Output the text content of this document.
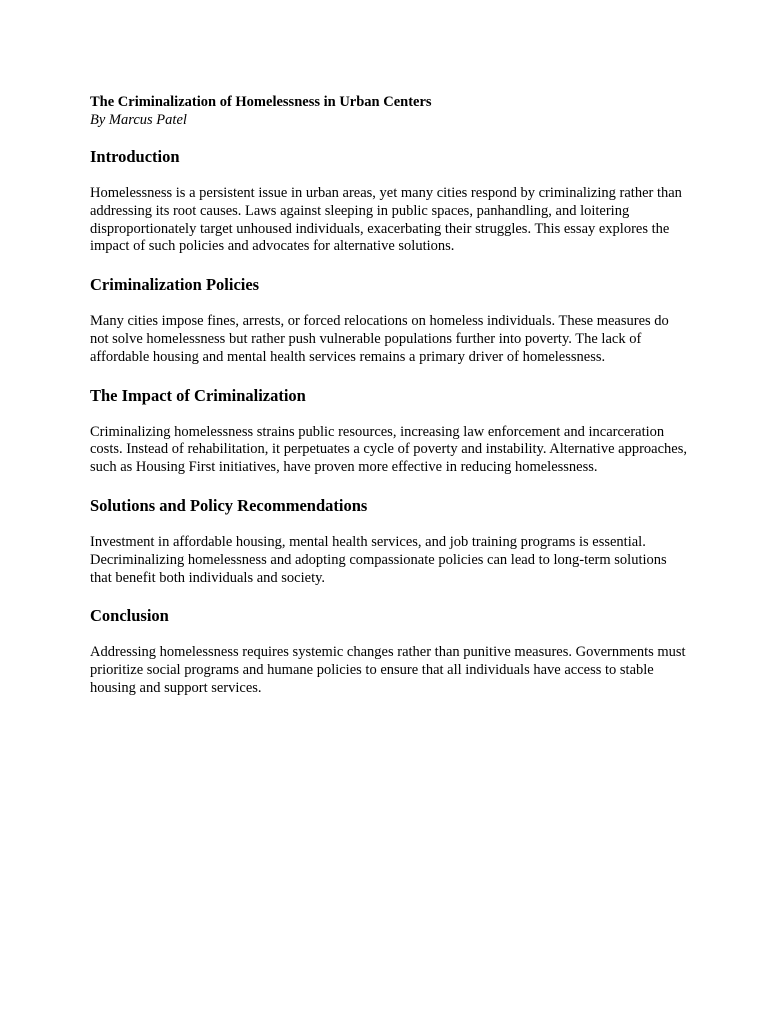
The Criminalization of Homelessness in Urban Centers

By Marcus Patel

Introduction

Homelessness is a persistent issue in urban areas, yet many cities respond by criminalizing rather than addressing its root causes. Laws against sleeping in public spaces, panhandling, and loitering disproportionately target unhoused individuals, exacerbating their struggles. This essay explores the impact of such policies and advocates for alternative solutions.

Criminalization Policies

Many cities impose fines, arrests, or forced relocations on homeless individuals. These measures do not solve homelessness but rather push vulnerable populations further into poverty. The lack of affordable housing and mental health services remains a primary driver of homelessness.

The Impact of Criminalization

Criminalizing homelessness strains public resources, increasing law enforcement and incarceration costs. Instead of rehabilitation, it perpetuates a cycle of poverty and instability. Alternative approaches, such as Housing First initiatives, have proven more effective in reducing homelessness.

Solutions and Policy Recommendations

Investment in affordable housing, mental health services, and job training programs is essential. Decriminalizing homelessness and adopting compassionate policies can lead to long-term solutions that benefit both individuals and society.

Conclusion

Addressing homelessness requires systemic changes rather than punitive measures. Governments must prioritize social programs and humane policies to ensure that all individuals have access to stable housing and support services.
